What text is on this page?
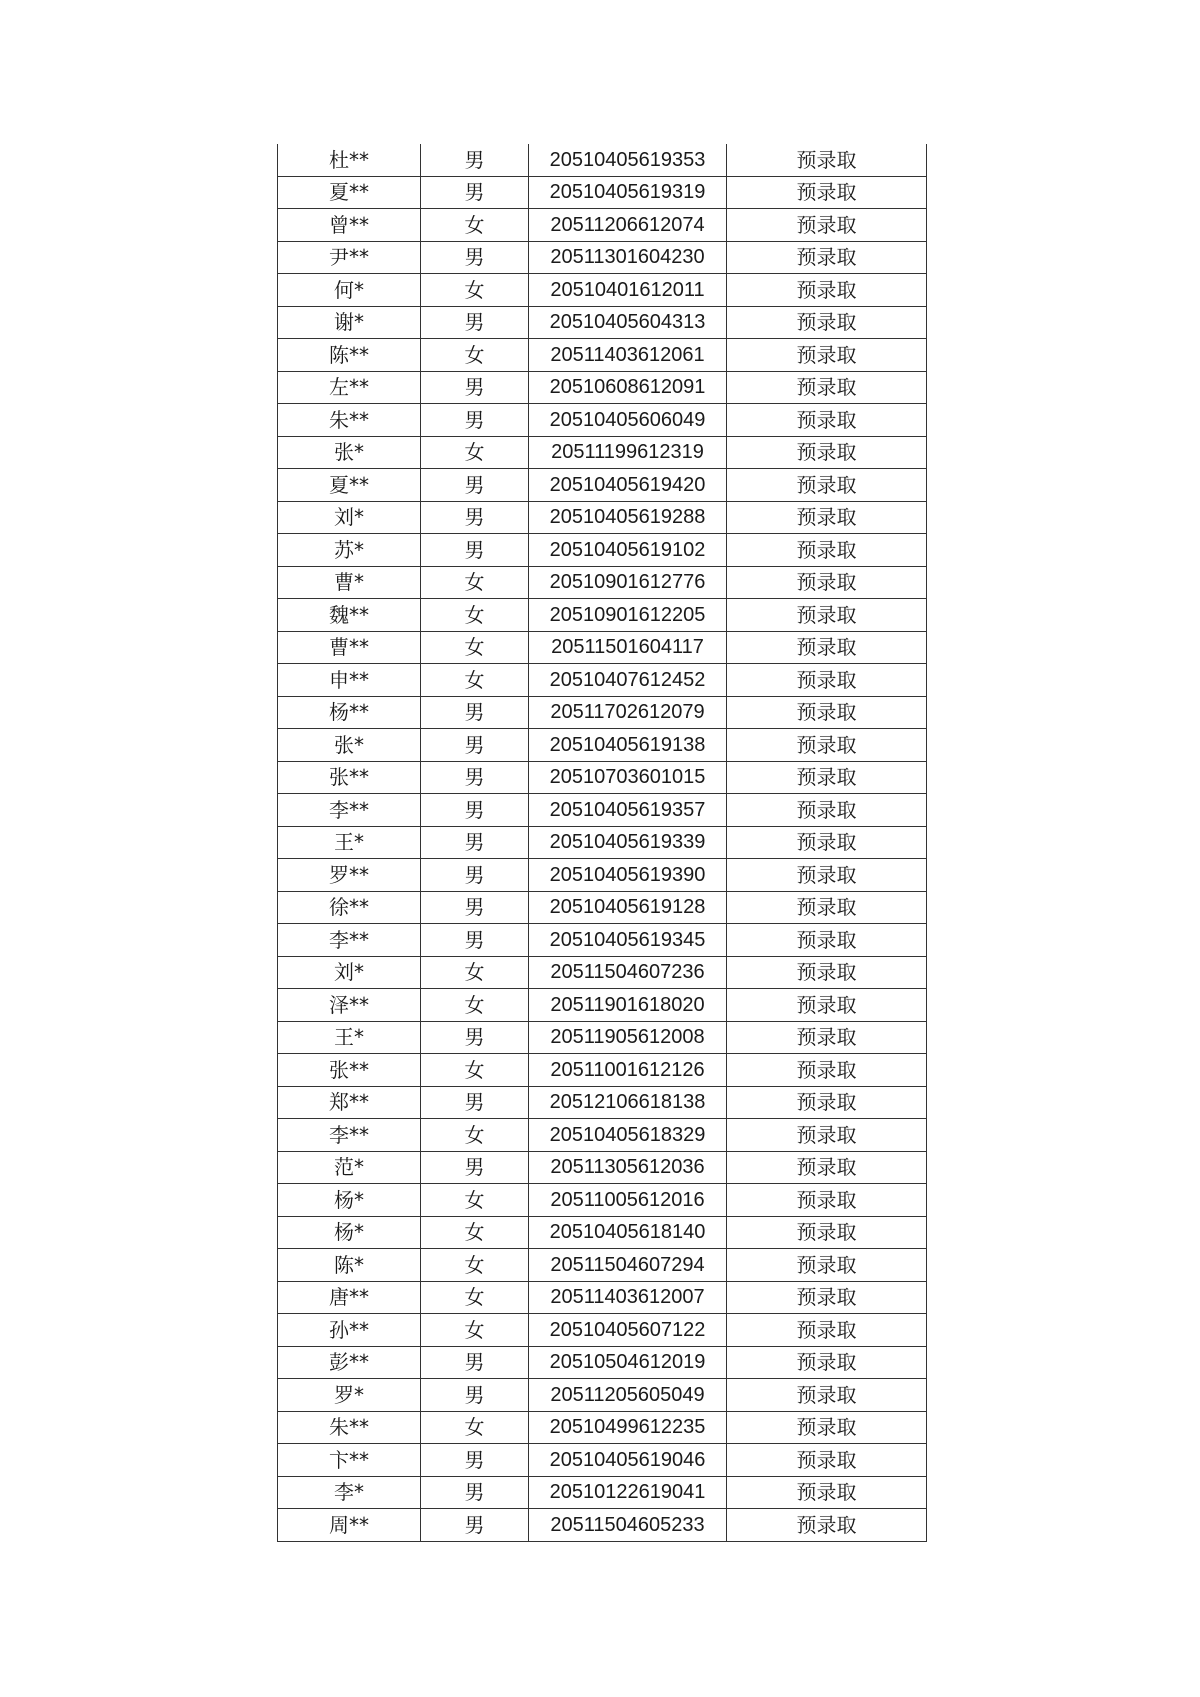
杜**	男	20510405619353	预录取
夏**	男	20510405619319	预录取
曾**	女	20511206612074	预录取
尹**	男	20511301604230	预录取
何*	女	20510401612011	预录取
谢*	男	20510405604313	预录取
陈**	女	20511403612061	预录取
左**	男	20510608612091	预录取
朱**	男	20510405606049	预录取
张*	女	20511199612319	预录取
夏**	男	20510405619420	预录取
刘*	男	20510405619288	预录取
苏*	男	20510405619102	预录取
曹*	女	20510901612776	预录取
魏**	女	20510901612205	预录取
曹**	女	20511501604117	预录取
申**	女	20510407612452	预录取
杨**	男	20511702612079	预录取
张*	男	20510405619138	预录取
张**	男	20510703601015	预录取
李**	男	20510405619357	预录取
王*	男	20510405619339	预录取
罗**	男	20510405619390	预录取
徐**	男	20510405619128	预录取
李**	男	20510405619345	预录取
刘*	女	20511504607236	预录取
泽**	女	20511901618020	预录取
王*	男	20511905612008	预录取
张**	女	20511001612126	预录取
郑**	男	20512106618138	预录取
李**	女	20510405618329	预录取
范*	男	20511305612036	预录取
杨*	女	20511005612016	预录取
杨*	女	20510405618140	预录取
陈*	女	20511504607294	预录取
唐**	女	20511403612007	预录取
孙**	女	20510405607122	预录取
彭**	男	20510504612019	预录取
罗*	男	20511205605049	预录取
朱**	女	20510499612235	预录取
卞**	男	20510405619046	预录取
李*	男	20510122619041	预录取
周**	男	20511504605233	预录取
